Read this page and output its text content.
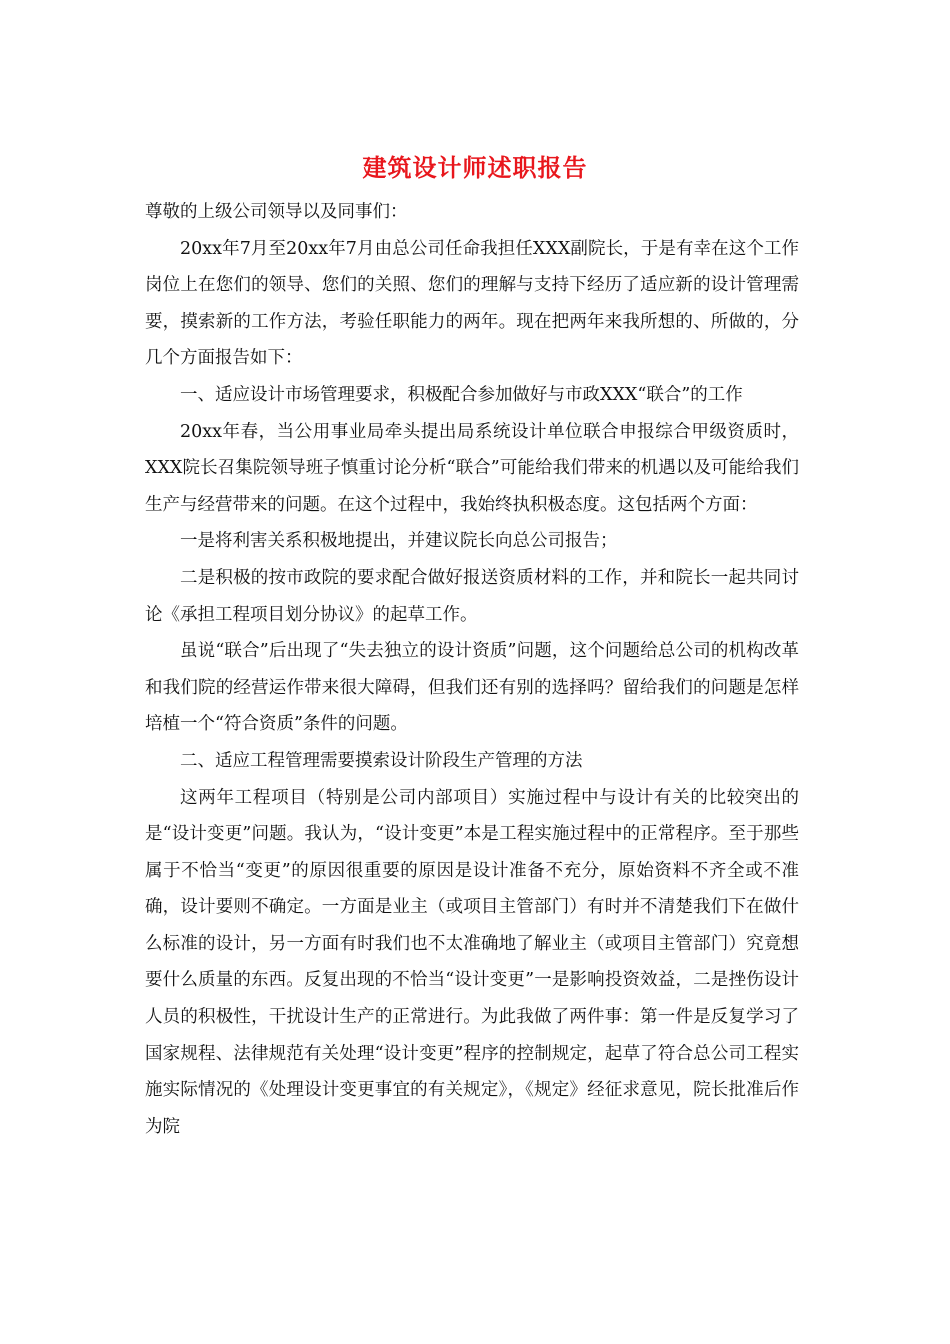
建筑设计师述职报告

尊敬的上级公司领导以及同事们：

20xx年7月至20xx年7月由总公司任命我担任XXX副院长，于是有幸在这个工作岗位上在您们的领导、您们的关照、您们的理解与支持下经历了适应新的设计管理需要，摸索新的工作方法，考验任职能力的两年。现在把两年来我所想的、所做的，分几个方面报告如下：

一、适应设计市场管理要求，积极配合参加做好与市政XXX“联合”的工作

20xx年春，当公用事业局牵头提出局系统设计单位联合申报综合甲级资质时，XXX院长召集院领导班子慎重讨论分析“联合”可能给我们带来的机遇以及可能给我们生产与经营带来的问题。在这个过程中，我始终执积极态度。这包括两个方面：

一是将利害关系积极地提出，并建议院长向总公司报告；

二是积极的按市政院的要求配合做好报送资质材料的工作，并和院长一起共同讨论《承担工程项目划分协议》的起草工作。

虽说“联合”后出现了“失去独立的设计资质”问题，这个问题给总公司的机构改革和我们院的经营运作带来很大障碍，但我们还有别的选择吗？留给我们的问题是怎样培植一个“符合资质”条件的问题。

二、适应工程管理需要摸索设计阶段生产管理的方法

这两年工程项目（特别是公司内部项目）实施过程中与设计有关的比较突出的是“设计变更”问题。我认为，“设计变更”本是工程实施过程中的正常程序。至于那些属于不恰当“变更”的原因很重要的原因是设计准备不充分，原始资料不齐全或不准确，设计要则不确定。一方面是业主（或项目主管部门）有时并不清楚我们下在做什么标准的设计，另一方面有时我们也不太准确地了解业主（或项目主管部门）究竟想要什么质量的东西。反复出现的不恰当“设计变更”一是影响投资效益，二是挫伤设计人员的积极性，干扰设计生产的正常进行。为此我做了两件事：第一件是反复学习了国家规程、法律规范有关处理“设计变更”程序的控制规定，起草了符合总公司工程实施实际情况的《处理设计变更事宜的有关规定》，《规定》经征求意见，院长批准后作为院
